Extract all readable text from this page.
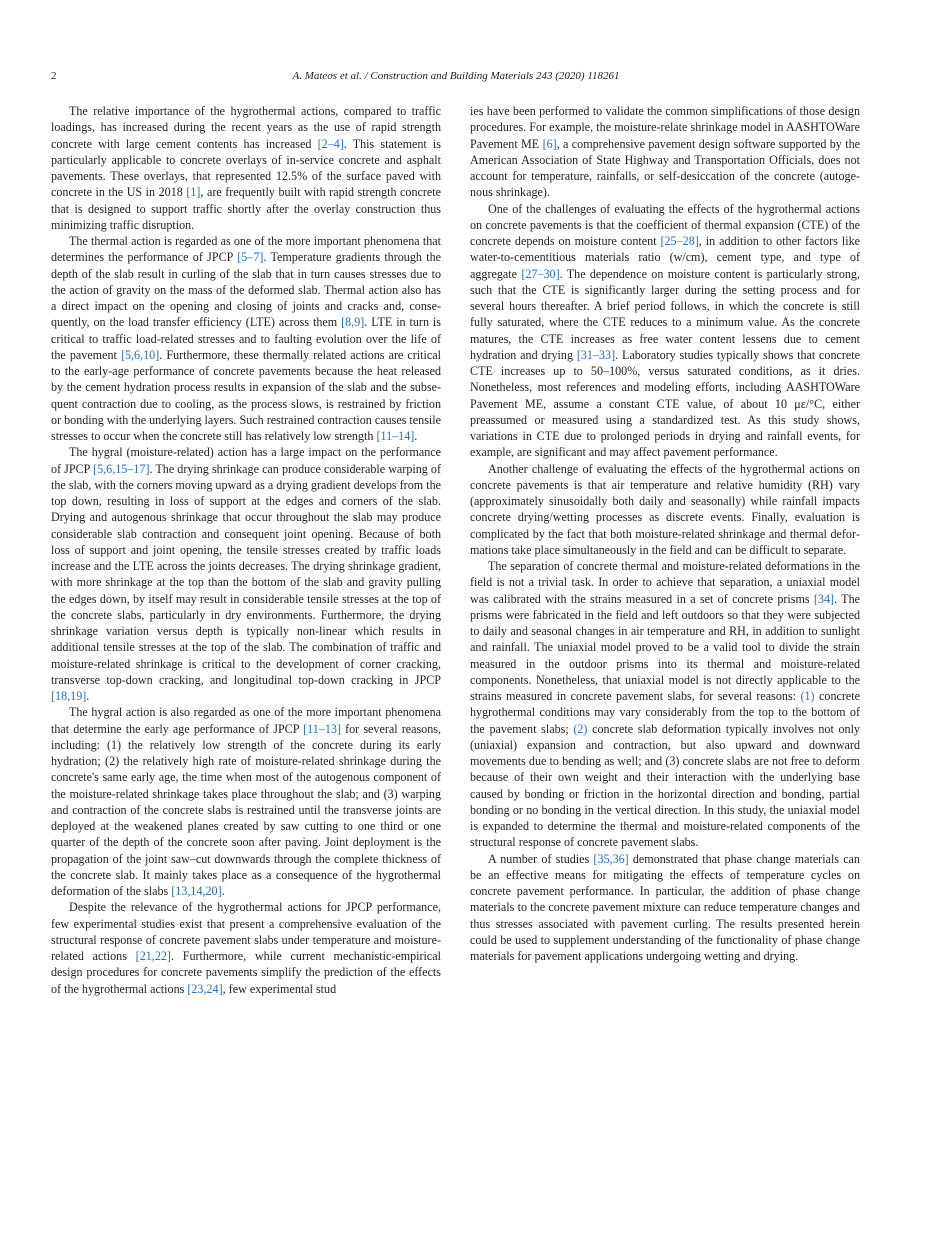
2	A. Mateos et al. / Construction and Building Materials 243 (2020) 118261

The relative importance of the hygrothermal actions, compared to traffic loadings, has increased during the recent years as the use of rapid strength concrete with large cement contents has increased [2–4]. This statement is particularly applicable to concrete overlays of in-service concrete and asphalt pavements. These overlays, that represented 12.5% of the surface paved with concrete in the US in 2018 [1], are frequently built with rapid strength concrete that is designed to support traffic shortly after the overlay construction thus minimizing traffic disruption.

The thermal action is regarded as one of the more important phenomena that determines the performance of JPCP [5–7]. Temperature gradients through the depth of the slab result in curling of the slab that in turn causes stresses due to the action of gravity on the mass of the deformed slab. Thermal action also has a direct impact on the opening and closing of joints and cracks and, consequently, on the load transfer efficiency (LTE) across them [8,9]. LTE in turn is critical to traffic load-related stresses and to faulting evolution over the life of the pavement [5,6,10]. Furthermore, these thermally related actions are critical to the early-age performance of concrete pavements because the heat released by the cement hydration process results in expansion of the slab and the subsequent contraction due to cooling, as the process slows, is restrained by friction or bonding with the underlying layers. Such restrained contraction causes tensile stresses to occur when the concrete still has relatively low strength [11–14].

The hygral (moisture-related) action has a large impact on the performance of JPCP [5,6,15–17]. The drying shrinkage can produce considerable warping of the slab, with the corners moving upward as a drying gradient develops from the top down, resulting in loss of support at the edges and corners of the slab. Drying and autogenous shrinkage that occur throughout the slab may produce considerable slab contraction and consequent joint opening. Because of both loss of support and joint opening, the tensile stresses created by traffic loads increase and the LTE across the joints decreases. The drying shrinkage gradient, with more shrinkage at the top than the bottom of the slab and gravity pulling the edges down, by itself may result in considerable tensile stresses at the top of the concrete slabs, particularly in dry environments. Furthermore, the drying shrinkage variation versus depth is typically non-linear which results in additional tensile stresses at the top of the slab. The combination of traffic and moisture-related shrinkage is critical to the development of corner cracking, transverse top-down cracking, and longitudinal top-down cracking in JPCP [18,19].

The hygral action is also regarded as one of the more important phenomena that determine the early age performance of JPCP [11–13] for several reasons, including: (1) the relatively low strength of the concrete during its early hydration; (2) the relatively high rate of moisture-related shrinkage during the concrete's same early age, the time when most of the autogenous component of the moisture-related shrinkage takes place throughout the slab; and (3) warping and contraction of the concrete slabs is restrained until the transverse joints are deployed at the weakened planes created by saw cutting to one third or one quarter of the depth of the concrete soon after paving. Joint deployment is the propagation of the joint saw–cut downwards through the complete thickness of the concrete slab. It mainly takes place as a consequence of the hygrothermal deformation of the slabs [13,14,20].

Despite the relevance of the hygrothermal actions for JPCP performance, few experimental studies exist that present a comprehensive evaluation of the structural response of concrete pavement slabs under temperature and moisture-related actions [21,22]. Furthermore, while current mechanistic-empirical design procedures for concrete pavements simplify the prediction of the effects of the hygrothermal actions [23,24], few experimental stud

ies have been performed to validate the common simplifications of those design procedures. For example, the moisture-relate shrinkage model in AASHTOWare Pavement ME [6], a comprehensive pavement design software supported by the American Association of State Highway and Transportation Officials, does not account for temperature, rainfalls, or self-desiccation of the concrete (autogenous shrinkage).

One of the challenges of evaluating the effects of the hygrothermal actions on concrete pavements is that the coefficient of thermal expansion (CTE) of the concrete depends on moisture content [25–28], in addition to other factors like water-to-cementitious materials ratio (w/cm), cement type, and type of aggregate [27–30]. The dependence on moisture content is particularly strong, such that the CTE is significantly larger during the setting process and for several hours thereafter. A brief period follows, in which the concrete is still fully saturated, where the CTE reduces to a minimum value. As the concrete matures, the CTE increases as free water content lessens due to cement hydration and drying [31–33]. Laboratory studies typically shows that concrete CTE increases up to 50–100%, versus saturated conditions, as it dries. Nonetheless, most references and modeling efforts, including AASHTOWare Pavement ME, assume a constant CTE value, of about 10 με/°C, either preassumed or measured using a standardized test. As this study shows, variations in CTE due to prolonged periods in drying and rainfall events, for example, are significant and may affect pavement performance.

Another challenge of evaluating the effects of the hygrothermal actions on concrete pavements is that air temperature and relative humidity (RH) vary (approximately sinusoidally both daily and seasonally) while rainfall impacts concrete drying/wetting processes as discrete events. Finally, evaluation is complicated by the fact that both moisture-related shrinkage and thermal deformations take place simultaneously in the field and can be difficult to separate.

The separation of concrete thermal and moisture-related deformations in the field is not a trivial task. In order to achieve that separation, a uniaxial model was calibrated with the strains measured in a set of concrete prisms [34]. The prisms were fabricated in the field and left outdoors so that they were subjected to daily and seasonal changes in air temperature and RH, in addition to sunlight and rainfall. The uniaxial model proved to be a valid tool to divide the strain measured in the outdoor prisms into its thermal and moisture-related components. Nonetheless, that uniaxial model is not directly applicable to the strains measured in concrete pavement slabs, for several reasons: (1) concrete hygrothermal conditions may vary considerably from the top to the bottom of the pavement slabs; (2) concrete slab deformation typically involves not only (uniaxial) expansion and contraction, but also upward and downward movements due to bending as well; and (3) concrete slabs are not free to deform because of their own weight and their interaction with the underlying base caused by bonding or friction in the horizontal direction and bonding, partial bonding or no bonding in the vertical direction. In this study, the uniaxial model is expanded to determine the thermal and moisture-related components of the structural response of concrete pavement slabs.

A number of studies [35,36] demonstrated that phase change materials can be an effective means for mitigating the effects of temperature cycles on concrete pavement performance. In particular, the addition of phase change materials to the concrete pavement mixture can reduce temperature changes and thus stresses associated with pavement curling. The results presented herein could be used to supplement understanding of the functionality of phase change materials for pavement applications undergoing wetting and drying.
